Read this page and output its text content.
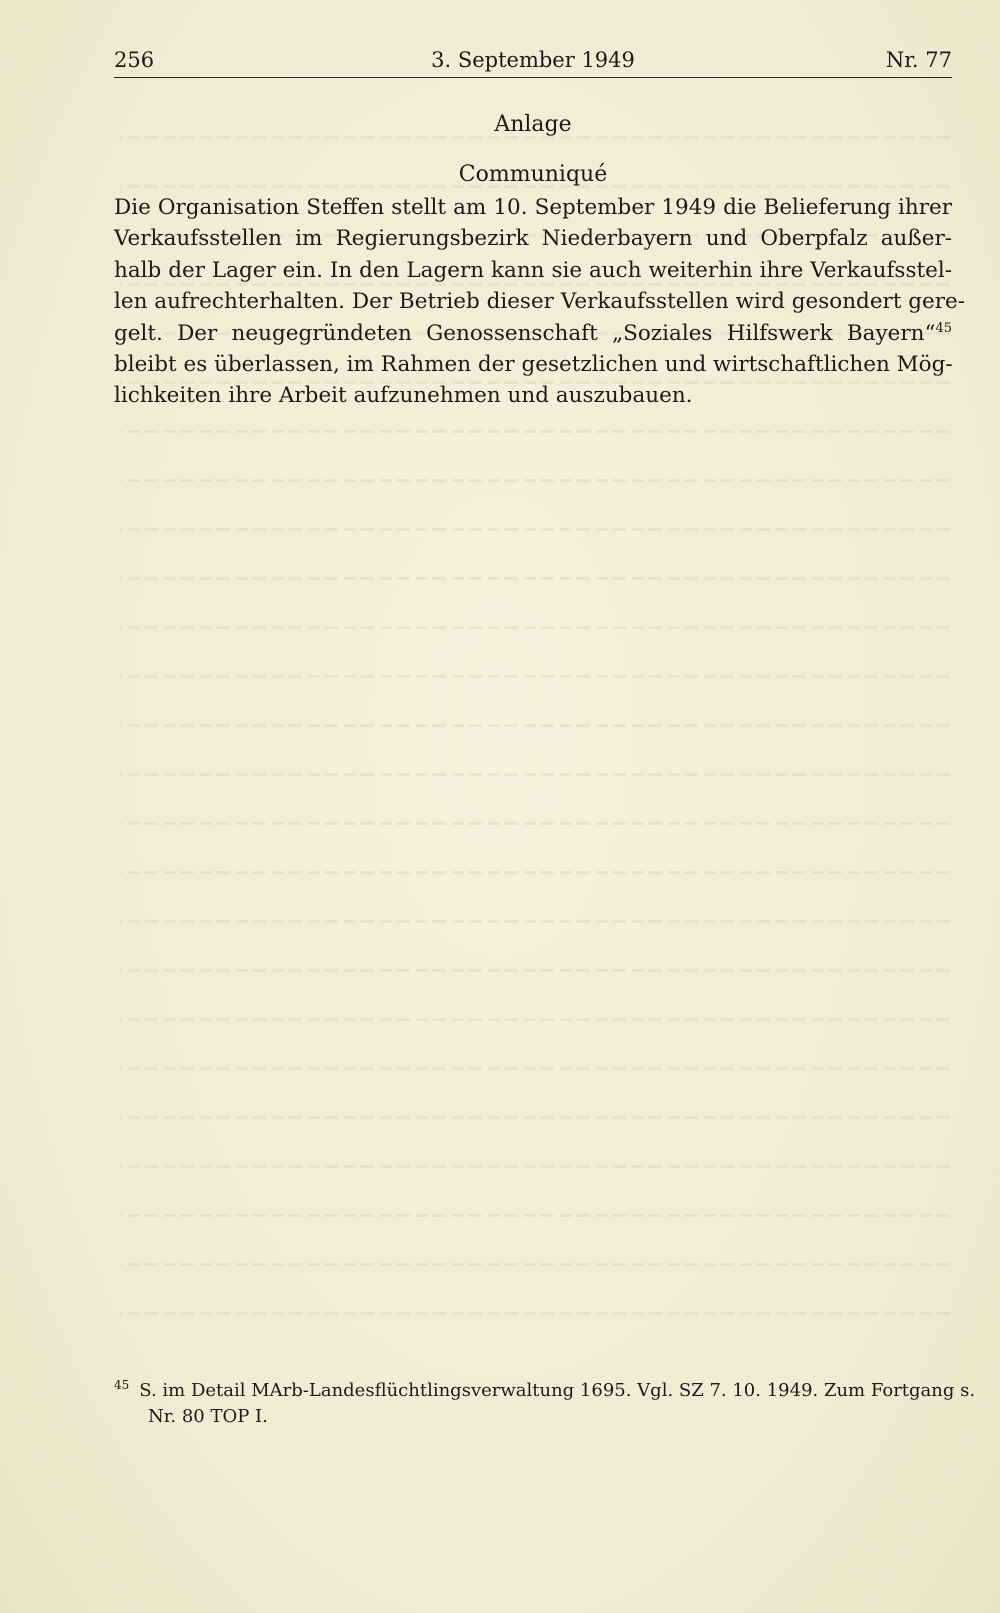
256	3. September 1949	Nr. 77
Anlage
Communiqué
Die Organisation Steffen stellt am 10. September 1949 die Belieferung ihrer
Verkaufsstellen im Regierungsbezirk Niederbayern und Oberpfalz außer-
halb der Lager ein. In den Lagern kann sie auch weiterhin ihre Verkaufsstel-
len aufrechterhalten. Der Betrieb dieser Verkaufsstellen wird gesondert gere-
gelt. Der neugegründeten Genossenschaft „Soziales Hilfswerk Bayern“$^{45}$
bleibt es überlassen, im Rahmen der gesetzlichen und wirtschaftlichen Mög-
lichkeiten ihre Arbeit aufzunehmen und auszubauen.
$^{45}$ S. im Detail MArb-Landesflüchtlingsverwaltung 1695. Vgl. SZ 7. 10. 1949. Zum Fortgang s.
Nr. 80 TOP I.
